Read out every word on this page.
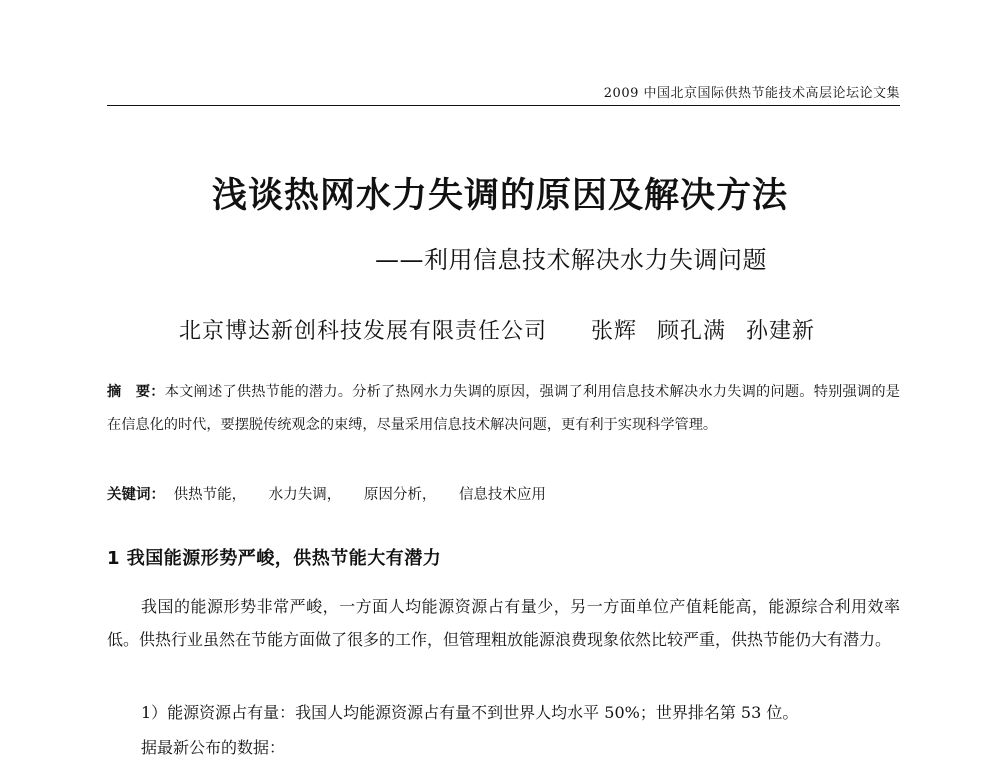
2009 中国北京国际供热节能技术高层论坛论文集
浅谈热网水力失调的原因及解决方法
——利用信息技术解决水力失调问题
北京博达新创科技发展有限责任公司 张辉 顾孔满 孙建新
摘　要：本文阐述了供热节能的潜力。分析了热网水力失调的原因，强调了利用信息技术解决水力失调的问题。特别强调的是在信息化的时代，要摆脱传统观念的束缚，尽量采用信息技术解决问题，更有利于实现科学管理。
关键词： 供热节能， 水力失调， 原因分析， 信息技术应用
1 我国能源形势严峻，供热节能大有潜力
我国的能源形势非常严峻，一方面人均能源资源占有量少，另一方面单位产值耗能高，能源综合利用效率低。供热行业虽然在节能方面做了很多的工作，但管理粗放能源浪费现象依然比较严重，供热节能仍大有潜力。
1）能源资源占有量：我国人均能源资源占有量不到世界人均水平 50%；世界排名第 53 位。
据最新公布的数据：
